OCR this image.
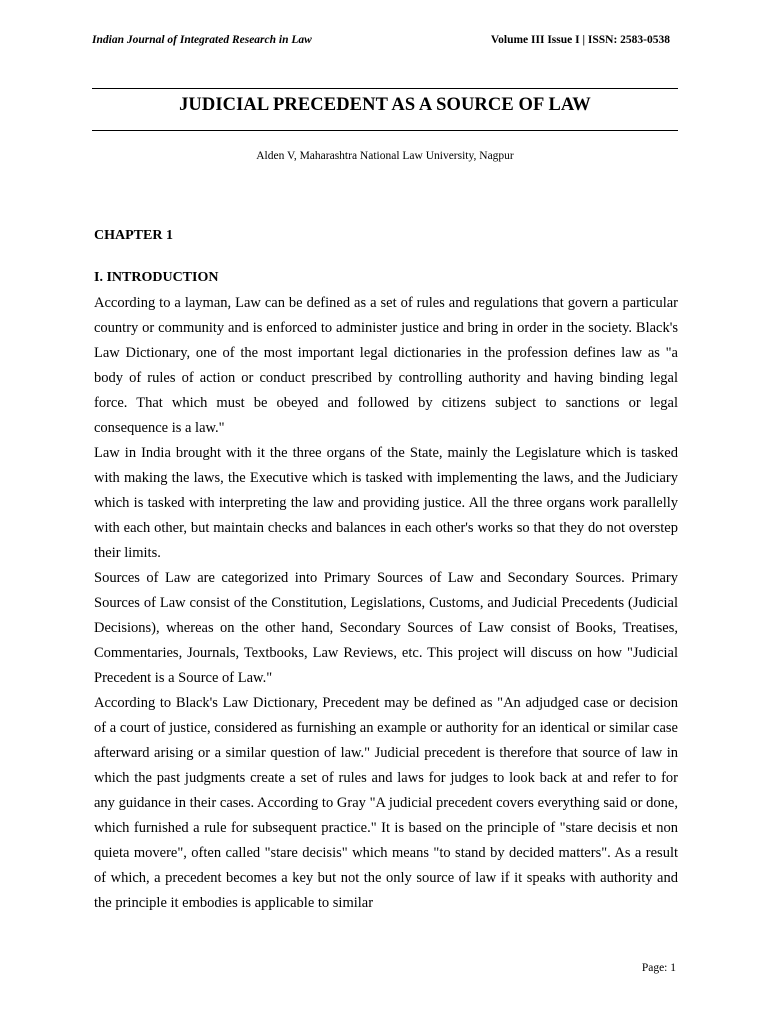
Indian Journal of Integrated Research in Law	Volume III Issue I | ISSN: 2583-0538
JUDICIAL PRECEDENT AS A SOURCE OF LAW
Alden V, Maharashtra National Law University, Nagpur
CHAPTER 1
I. INTRODUCTION

According to a layman, Law can be defined as a set of rules and regulations that govern a particular country or community and is enforced to administer justice and bring in order in the society. Black's Law Dictionary, one of the most important legal dictionaries in the profession defines law as "a body of rules of action or conduct prescribed by controlling authority and having binding legal force. That which must be obeyed and followed by citizens subject to sanctions or legal consequence is a law."

Law in India brought with it the three organs of the State, mainly the Legislature which is tasked with making the laws, the Executive which is tasked with implementing the laws, and the Judiciary which is tasked with interpreting the law and providing justice. All the three organs work parallelly with each other, but maintain checks and balances in each other's works so that they do not overstep their limits.

Sources of Law are categorized into Primary Sources of Law and Secondary Sources. Primary Sources of Law consist of the Constitution, Legislations, Customs, and Judicial Precedents (Judicial Decisions), whereas on the other hand, Secondary Sources of Law consist of Books, Treatises, Commentaries, Journals, Textbooks, Law Reviews, etc. This project will discuss on how "Judicial Precedent is a Source of Law."

According to Black's Law Dictionary, Precedent may be defined as "An adjudged case or decision of a court of justice, considered as furnishing an example or authority for an identical or similar case afterward arising or a similar question of law." Judicial precedent is therefore that source of law in which the past judgments create a set of rules and laws for judges to look back at and refer to for any guidance in their cases. According to Gray "A judicial precedent covers everything said or done, which furnished a rule for subsequent practice." It is based on the principle of "stare decisis et non quieta movere", often called "stare decisis" which means "to stand by decided matters". As a result of which, a precedent becomes a key but not the only source of law if it speaks with authority and the principle it embodies is applicable to similar

Page: 1
